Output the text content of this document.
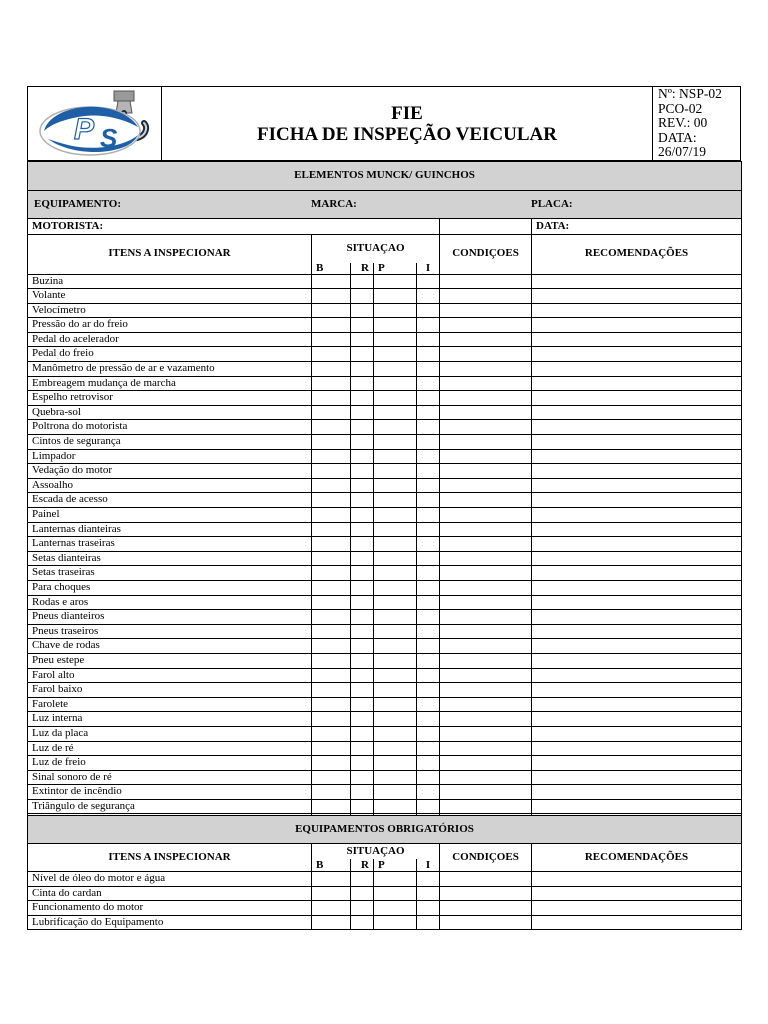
P S
FIE
FICHA DE INSPEÇÃO VEICULAR
Nº: NSP-02
PCO-02
REV.: 00
DATA: 26/07/19
Página 2 de 3
ELEMENTOS MUNCK/ GUINCHOS						

EQUIPAMENTO: MARCA: PLACA:						

MOTORISTA:						DATA:
ITENS A INSPECIONAR	SITUAÇAO				CONDIÇOES	RECOMENDAÇÕES
	B	R	P	I		
Buzina						
Volante						
Velocímetro						
Pressão do ar do freio						
Pedal do acelerador						
Pedal do freio						
Manômetro de pressão de ar e vazamento						
Embreagem mudança de marcha						
Espelho retrovisor						
Quebra-sol						
Poltrona do motorista						
Cintos de segurança						
Limpador						
Vedação do motor						
Assoalho						
Escada de acesso						
Painel						
Lanternas dianteiras						
Lanternas traseiras						
Setas dianteiras						
Setas traseiras						
Para choques						
Rodas e aros						
Pneus dianteiros						
Pneus traseiros						
Chave de rodas						
Pneu estepe						
Farol alto						
Farol baixo						
Farolete						
Luz interna						
Luz da placa						
Luz de ré						
Luz de freio						
Sinal sonoro de ré						
Extintor de incêndio						
Triângulo de segurança						
Macaco						
EQUIPAMENTOS OBRIGATÓRIOS						
ITENS A INSPECIONAR	SITUAÇAO				CONDIÇOES	RECOMENDAÇÕES
	B	R	P	I		
Nível de óleo do motor e água						
Cinta do cardan						
Funcionamento do motor						
Lubrificação do Equipamento						
